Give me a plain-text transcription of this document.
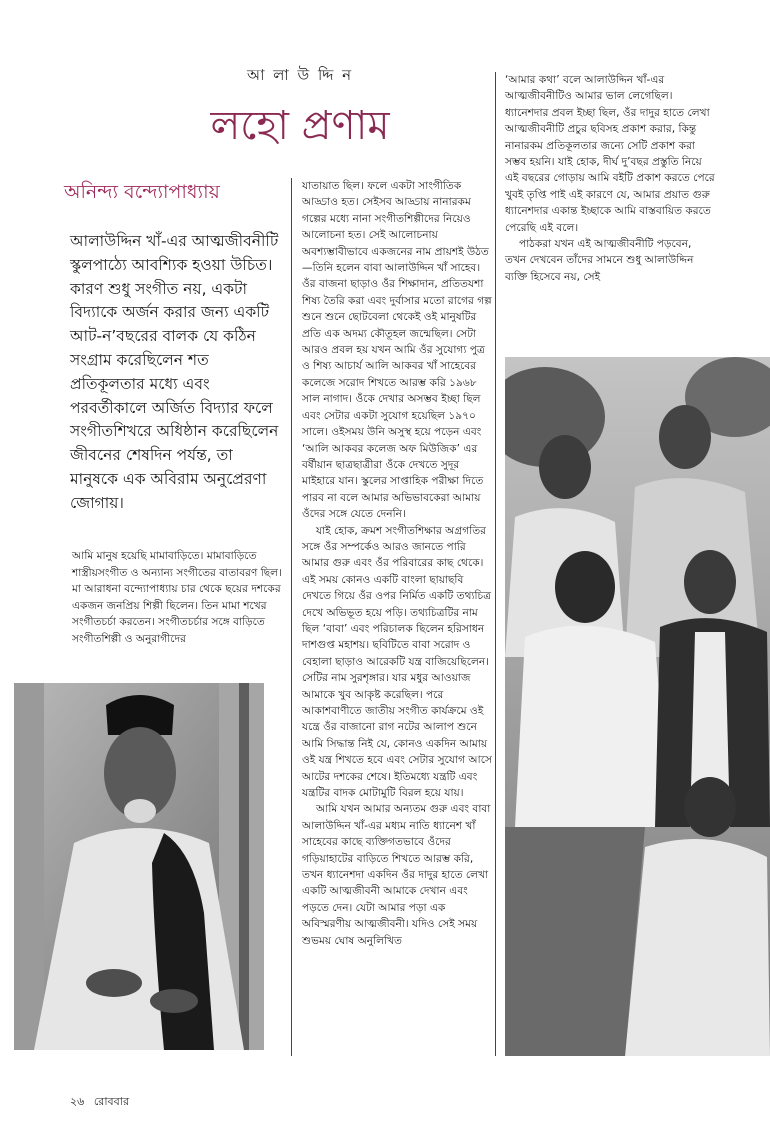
আ লা উ দ্দি ন
লহো প্রণাম
অনিন্দ্য বন্দ্যোপাধ্যায়
আলাউদ্দিন খাঁ-এর আত্মজীবনীটি স্কুলপাঠ্যে আবশ্যিক হওয়া উচিত। কারণ শুধু সংগীত নয়, একটা বিদ্যাকে অর্জন করার জন্য একটি আট-ন’বছরের বালক যে কঠিন সংগ্রাম করেছিলেন শত প্রতিকূলতার মধ্যে এবং পরবর্তীকালে অর্জিত বিদ্যার ফলে সংগীতশিখরে অধিষ্ঠান করেছিলেন জীবনের শেষদিন পর্যন্ত, তা মানুষকে এক অবিরাম অনুপ্রেরণা জোগায়।

আমি মানুষ হয়েছি মামাবাড়িতে। মামাবাড়িতে শাস্ত্রীয়সংগীত ও অন্যান্য সংগীতের বাতাবরণ ছিল। মা আরাধনা বন্দ্যোপাধ্যায় চার থেকে ছয়ের দশকের একজন জনপ্রিয় শিল্পী ছিলেন। তিন মামা শখের সংগীতচর্চা করতেন। সংগীতচর্চার সঙ্গে বাড়িতে সংগীতশিল্পী ও অনুরাগীদের

যাতায়াত ছিল। ফলে একটা সাংগীতিক আড্ডাও হত। সেইসব আড্ডায় নানারকম গল্পের মধ্যে নানা সংগীতশিল্পীদের নিয়েও আলোচনা হত। সেই আলোচনায় অবশ্যম্ভাবীভাবে একজনের নাম প্রায়শই উঠত—তিনি হলেন বাবা আলাউদ্দিন খাঁ সাহেব। ওঁর বাজনা ছাড়াও ওঁর শিক্ষাদান, প্রতিতযশা শিষ্য তৈরি করা এবং দুর্বাসার মতো রাগের গল্প শুনে শুনে ছোটবেলা থেকেই ওই মানুষটির প্রতি এক অদম্য কৌতূহল জন্মেছিল। সেটা আরও প্রবল হয় যখন আমি ওঁর সুযোগ্য পুত্র ও শিষ্য আচার্য আলি আকবর খাঁ সাহেবের কলেজে সরোদ শিখতে আরম্ভ করি ১৯৬৮ সাল নাগাদ। ওঁকে দেখার অসম্ভব ইচ্ছা ছিল এবং সেটার একটা সুযোগ হয়েছিল ১৯৭০ সালে। ওইসময় উনি অসুস্থ হয়ে পড়েন এবং ‘আলি আকবর কলেজ অফ মিউজিক’ এর বর্ষীয়ান ছাত্রছাত্রীরা ওঁকে দেখতে সুদূর মাইহারে যান। স্কুলের সাপ্তাহিক পরীক্ষা দিতে পারব না বলে আমার অভিভাবকেরা আমায় ওঁদের সঙ্গে যেতে দেননি।

যাই হোক, ক্রমশ সংগীতশিক্ষার অগ্রগতির সঙ্গে ওঁর সম্পর্কেও আরও জানতে পারি আমার গুরু এবং ওঁর পরিবারের কাছ থেকে। এই সময় কোনও একটি বাংলা ছায়াছবি দেখতে গিয়ে ওঁর ওপর নির্মিত একটি তথ্যচিত্র দেখে অভিভূত হয়ে পড়ি। তথ্যচিত্রটির নাম ছিল ‘বাবা’ এবং পরিচালক ছিলেন হরিসাধন দাশগুপ্ত মহাশয়। ছবিটিতে বাবা সরোদ ও বেহালা ছাড়াও আরেকটি যন্ত্র বাজিয়েছিলেন। সেটির নাম সুরশৃঙ্গার। যার মধুর আওয়াজ আমাকে খুব আকৃষ্ট করেছিল। পরে আকাশবাণীতে জাতীয় সংগীত কার্যক্রমে ওই যন্ত্রে ওঁর বাজানো রাগ নটের আলাপ শুনে আমি সিদ্ধান্ত নিই যে, কোনও একদিন আমায় ওই যন্ত্র শিখতে হবে এবং সেটার সুযোগ আসে আটের দশকের শেষে। ইতিমধ্যে যন্ত্রটি এবং যন্ত্রটির বাদক মোটামুটি বিরল হয়ে যায়।

আমি যখন আমার অন্যতম গুরু এবং বাবা আলাউদ্দিন খাঁ-এর মধ্যম নাতি ধ্যানেশ খাঁ সাহেবের কাছে ব্যক্তিগতভাবে ওঁদের গড়িয়াহাটের বাড়িতে শিখতে আরম্ভ করি, তখন ধ্যানেশদা একদিন ওঁর দাদুর হাতে লেখা একটি আত্মজীবনী আমাকে দেখান এবং পড়তে দেন। যেটা আমার পড়া এক অবিস্মরণীয় আত্মজীবনী। যদিও সেই সময় শুভময় ঘোষ অনুলিখিত

‘আমার কথা’ বলে আলাউদ্দিন খাঁ-এর আত্মজীবনীটিও আমার ভাল লেগেছিল। ধ্যানেশদার প্রবল ইচ্ছা ছিল, ওঁর দাদুর হাতে লেখা আত্মজীবনীটি প্রচুর ছবিসহ প্রকাশ করার, কিন্তু নানারকম প্রতিকূলতার জন্যে সেটি প্রকাশ করা সম্ভব হয়নি। যাই হোক, দীর্ঘ দু’বছর প্রস্তুতি নিয়ে এই বছরের গোড়ায় আমি বইটি প্রকাশ করতে পেরে খুবই তৃপ্তি পাই এই কারণে যে, আমার প্রয়াত গুরু ধ্যানেশদার একান্ত ইচ্ছাকে আমি বাস্তবায়িত করতে পেরেছি এই বলে।

পাঠকরা যখন এই আত্মজীবনীটি পড়বেন, তখন দেখবেন তাঁদের সামনে শুধু আলাউদ্দিন ব্যক্তি হিসেবে নয়, সেই

২৬ রোববার
